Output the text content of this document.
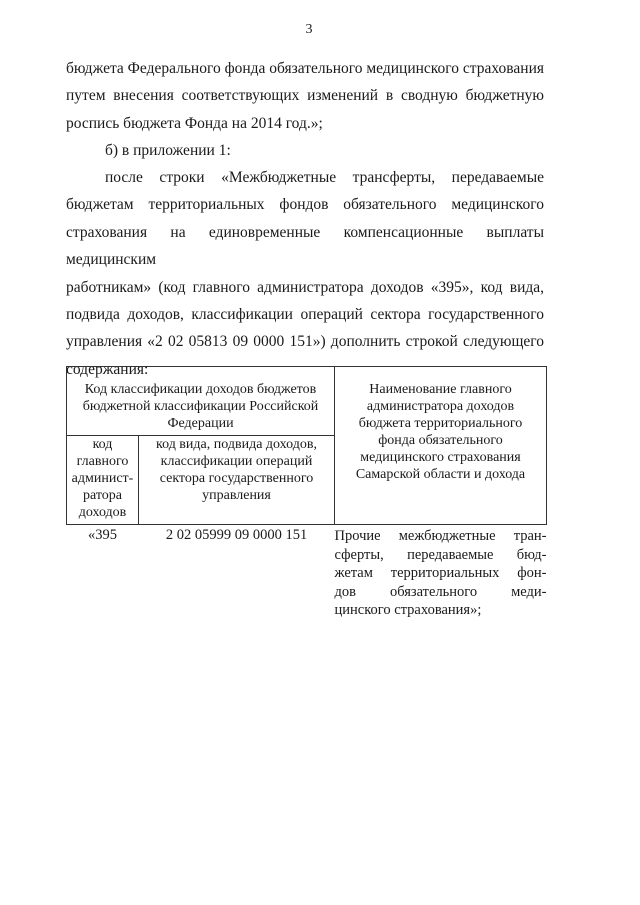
3
бюджета Федерального фонда обязательного медицинского страхования
путем внесения соответствующих изменений в сводную бюджетную
роспись бюджета Фонда на 2014 год.»;
б) в приложении 1:
после строки «Межбюджетные трансферты, передаваемые
бюджетам территориальных фондов обязательного медицинского
страхования на единовременные компенсационные выплаты медицинским
работникам» (код главного администратора доходов «395», код вида,
подвида доходов, классификации операций сектора государственного
управления «2 02 05813 09 0000 151») дополнить строкой следующего
содержания:
Код классификации доходов бюджетов бюджетной классификации Российской Федерации		Наименование главного администратора доходов бюджета территориального фонда обязательного медицинского страхования Самарской области и дохода
код главного админист-ратора доходов	код вида, подвида доходов, классификации операций сектора государственного управления	
«395	2 02 05999 09 0000 151	Прочие межбюджетные тран-
сферты, передаваемые бюд-
жетам территориальных фон-
дов обязательного меди-
цинского страхования»;
